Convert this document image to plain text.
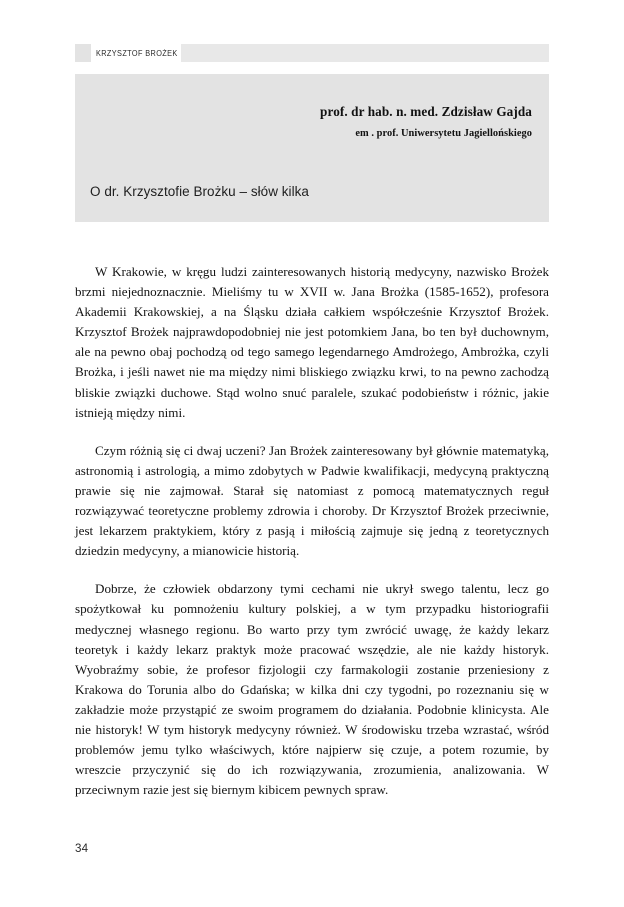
KRZYSZTOF BROŻEK
prof. dr hab. n. med. Zdzisław Gajda
em . prof. Uniwersytetu Jagiellońskiego
O dr. Krzysztofie Brożku – słów kilka

W Krakowie, w kręgu ludzi zainteresowanych historią medycyny, nazwisko Brożek brzmi niejednoznacznie. Mieliśmy tu w XVII w. Jana Brożka (1585-1652), profesora Akademii Krakowskiej, a na Śląsku działa całkiem współcześnie Krzysztof Brożek. Krzysztof Brożek najprawdopodobniej nie jest potomkiem Jana, bo ten był duchownym, ale na pewno obaj pochodzą od tego samego legendarnego Amdrożego, Ambrożka, czyli Brożka, i jeśli nawet nie ma między nimi bliskiego związku krwi, to na pewno zachodzą bliskie związki duchowe. Stąd wolno snuć paralele, szukać podobieństw i różnic, jakie istnieją między nimi.

Czym różnią się ci dwaj uczeni? Jan Brożek zainteresowany był głównie matematyką, astronomią i astrologią, a mimo zdobytych w Padwie kwalifikacji, medycyną praktyczną prawie się nie zajmował. Starał się natomiast z pomocą matematycznych reguł rozwiązywać teoretyczne problemy zdrowia i choroby. Dr Krzysztof Brożek przeciwnie, jest lekarzem praktykiem, który z pasją i miłością zajmuje się jedną z teoretycznych dziedzin medycyny, a mianowicie historią.

Dobrze, że człowiek obdarzony tymi cechami nie ukrył swego talentu, lecz go spożytkował ku pomnożeniu kultury polskiej, a w tym przypadku historiografii medycznej własnego regionu. Bo warto przy tym zwrócić uwagę, że każdy lekarz teoretyk i każdy lekarz praktyk może pracować wszędzie, ale nie każdy historyk. Wyobraźmy sobie, że profesor fizjologii czy farmakologii zostanie przeniesiony z Krakowa do Torunia albo do Gdańska; w kilka dni czy tygodni, po rozeznaniu się w zakładzie może przystąpić ze swoim programem do działania. Podobnie klinicysta. Ale nie historyk! W tym historyk medycyny również. W środowisku trzeba wzrastać, wśród problemów jemu tylko właściwych, które najpierw się czuje, a potem rozumie, by wreszcie przyczynić się do ich rozwiązywania, zrozumienia, analizowania. W przeciwnym razie jest się biernym kibicem pewnych spraw.

34
